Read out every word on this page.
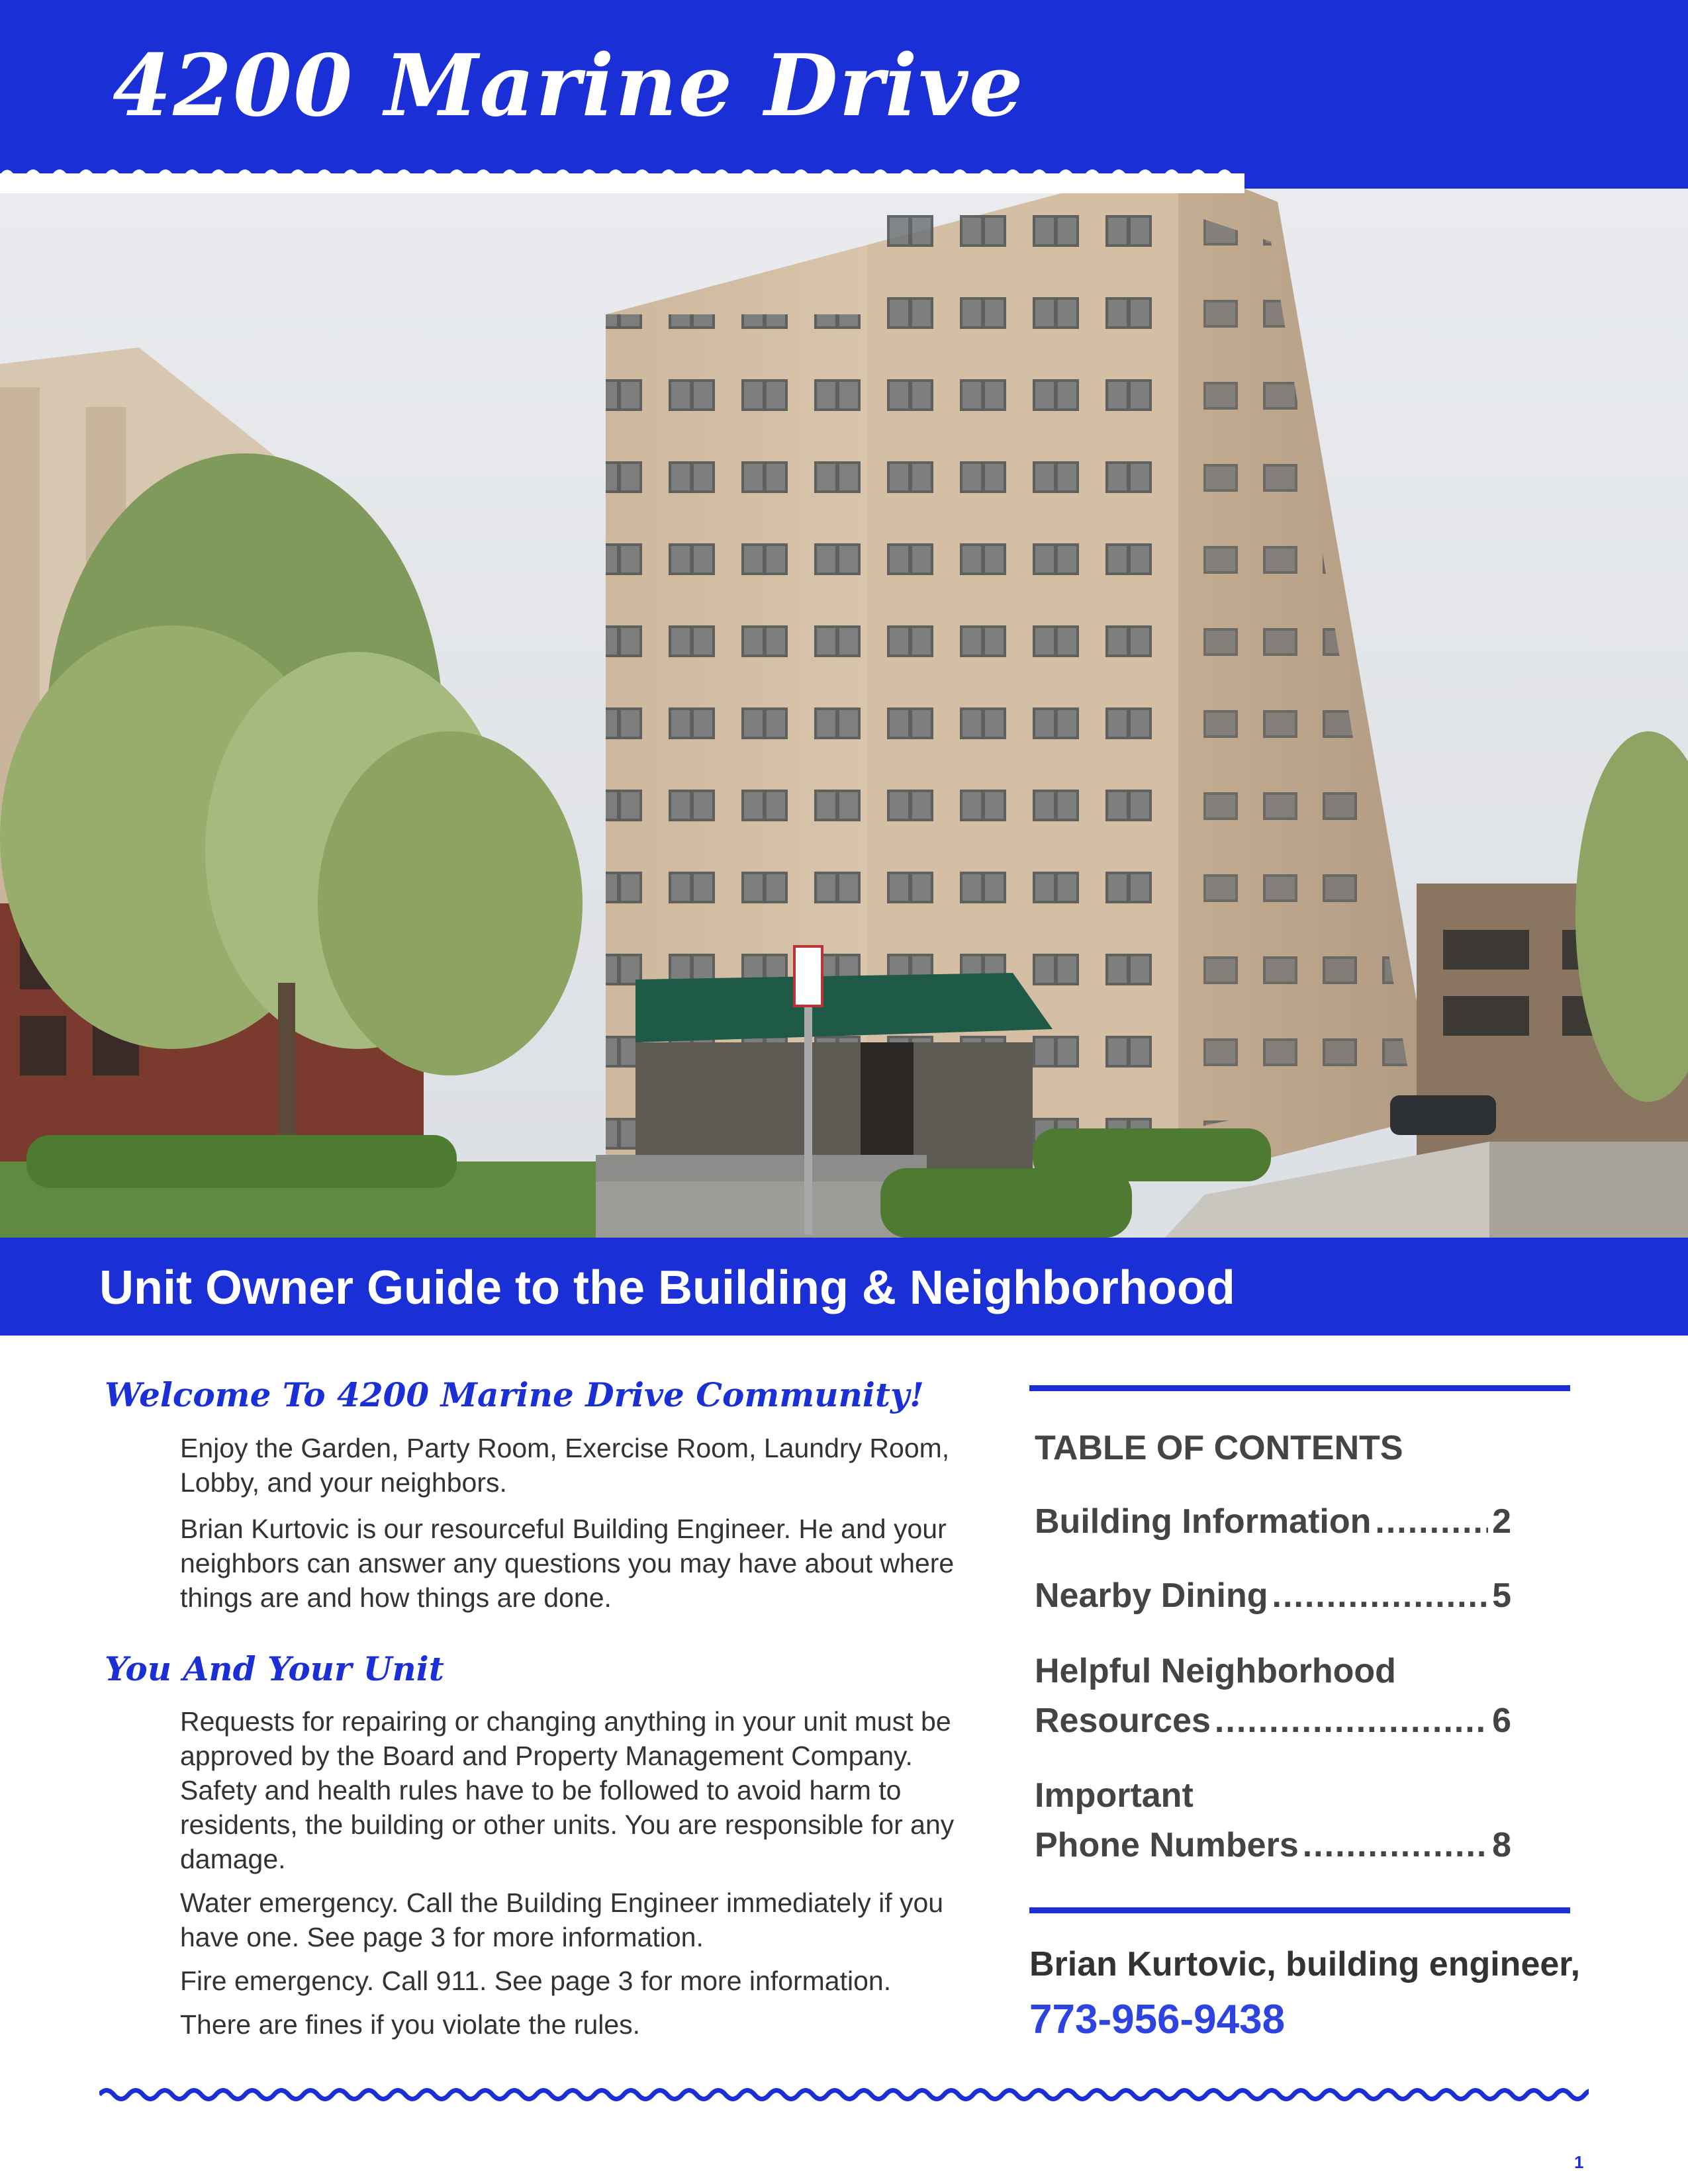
4200 Marine Drive
Unit Owner Guide to the Building & Neighborhood
Welcome To 4200 Marine Drive Community!

Enjoy the Garden, Party Room, Exercise Room, Laundry Room, Lobby, and your neighbors.

Brian Kurtovic is our resourceful Building Engineer. He and your neighbors can answer any questions you may have about where things are and how things are done.

You And Your Unit

Requests for repairing or changing anything in your unit must be approved by the Board and Property Management Company. Safety and health rules have to be followed to avoid harm to residents, the building or other units. You are responsible for any damage.

Water emergency. Call the Building Engineer immediately if you have one. See page 3 for more information.

Fire emergency. Call 911. See page 3 for more information.

There are fines if you violate the rules.

TABLE OF CONTENTS
Building Information .....	2
Nearby Dining .....	5
Helpful Neighborhood
Resources .....	6
Important
Phone Numbers .....	8
Brian Kurtovic, building engineer,
773-956-9438
1
